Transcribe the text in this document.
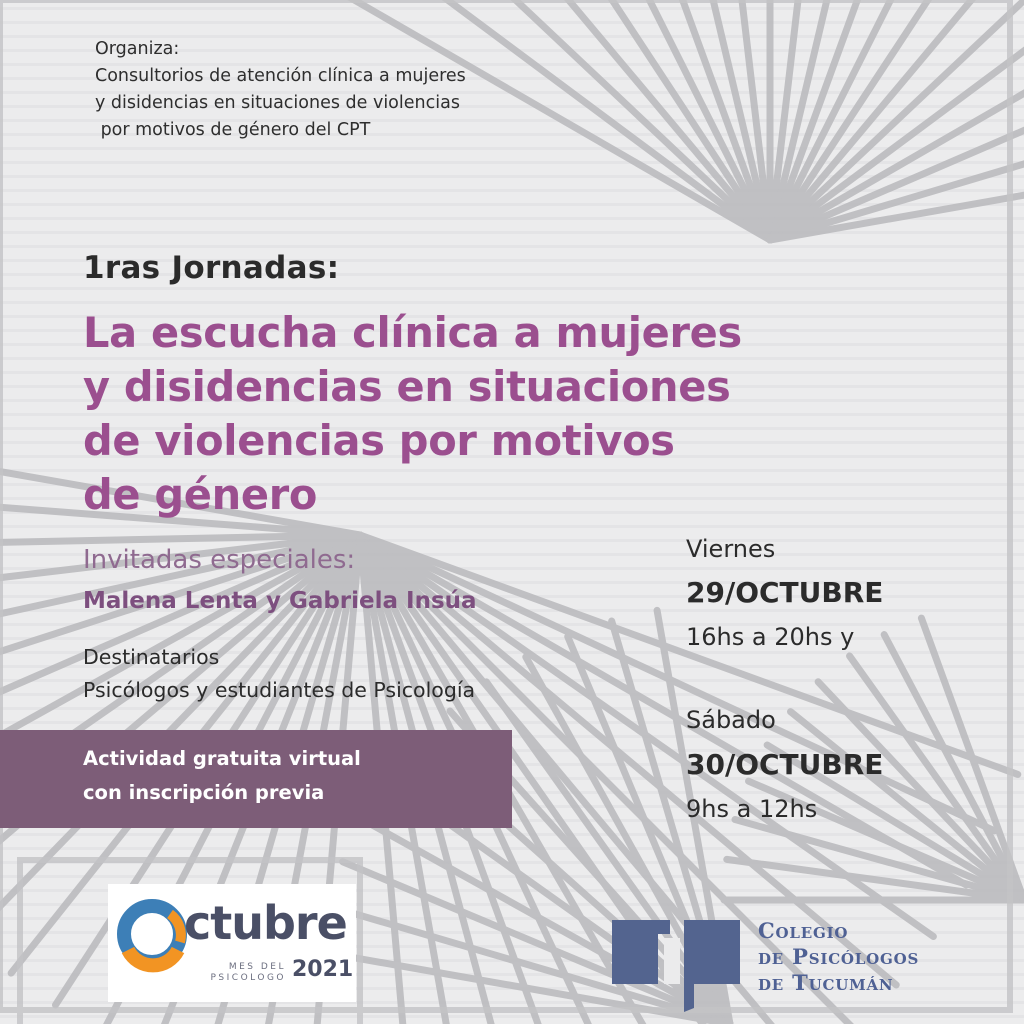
Organiza:
Consultorios de atención clínica a mujeres
y disidencias en situaciones de violencias
por motivos de género del CPT
1ras Jornadas:
La escucha clínica a mujeres
y disidencias en situaciones
de violencias por motivos
de género
Invitadas especiales:
Malena Lenta y Gabriela Insúa
Destinatarios
Psicólogos y estudiantes de Psicología
Actividad gratuita virtual
con inscripción previa
Viernes
29/OCTUBRE
16hs a 20hs y
Sábado
30/OCTUBRE
9hs a 12hs
ctubre
MES DEL PSICOLOGO 2021
Colegio
de Psicólogos
de Tucumán
